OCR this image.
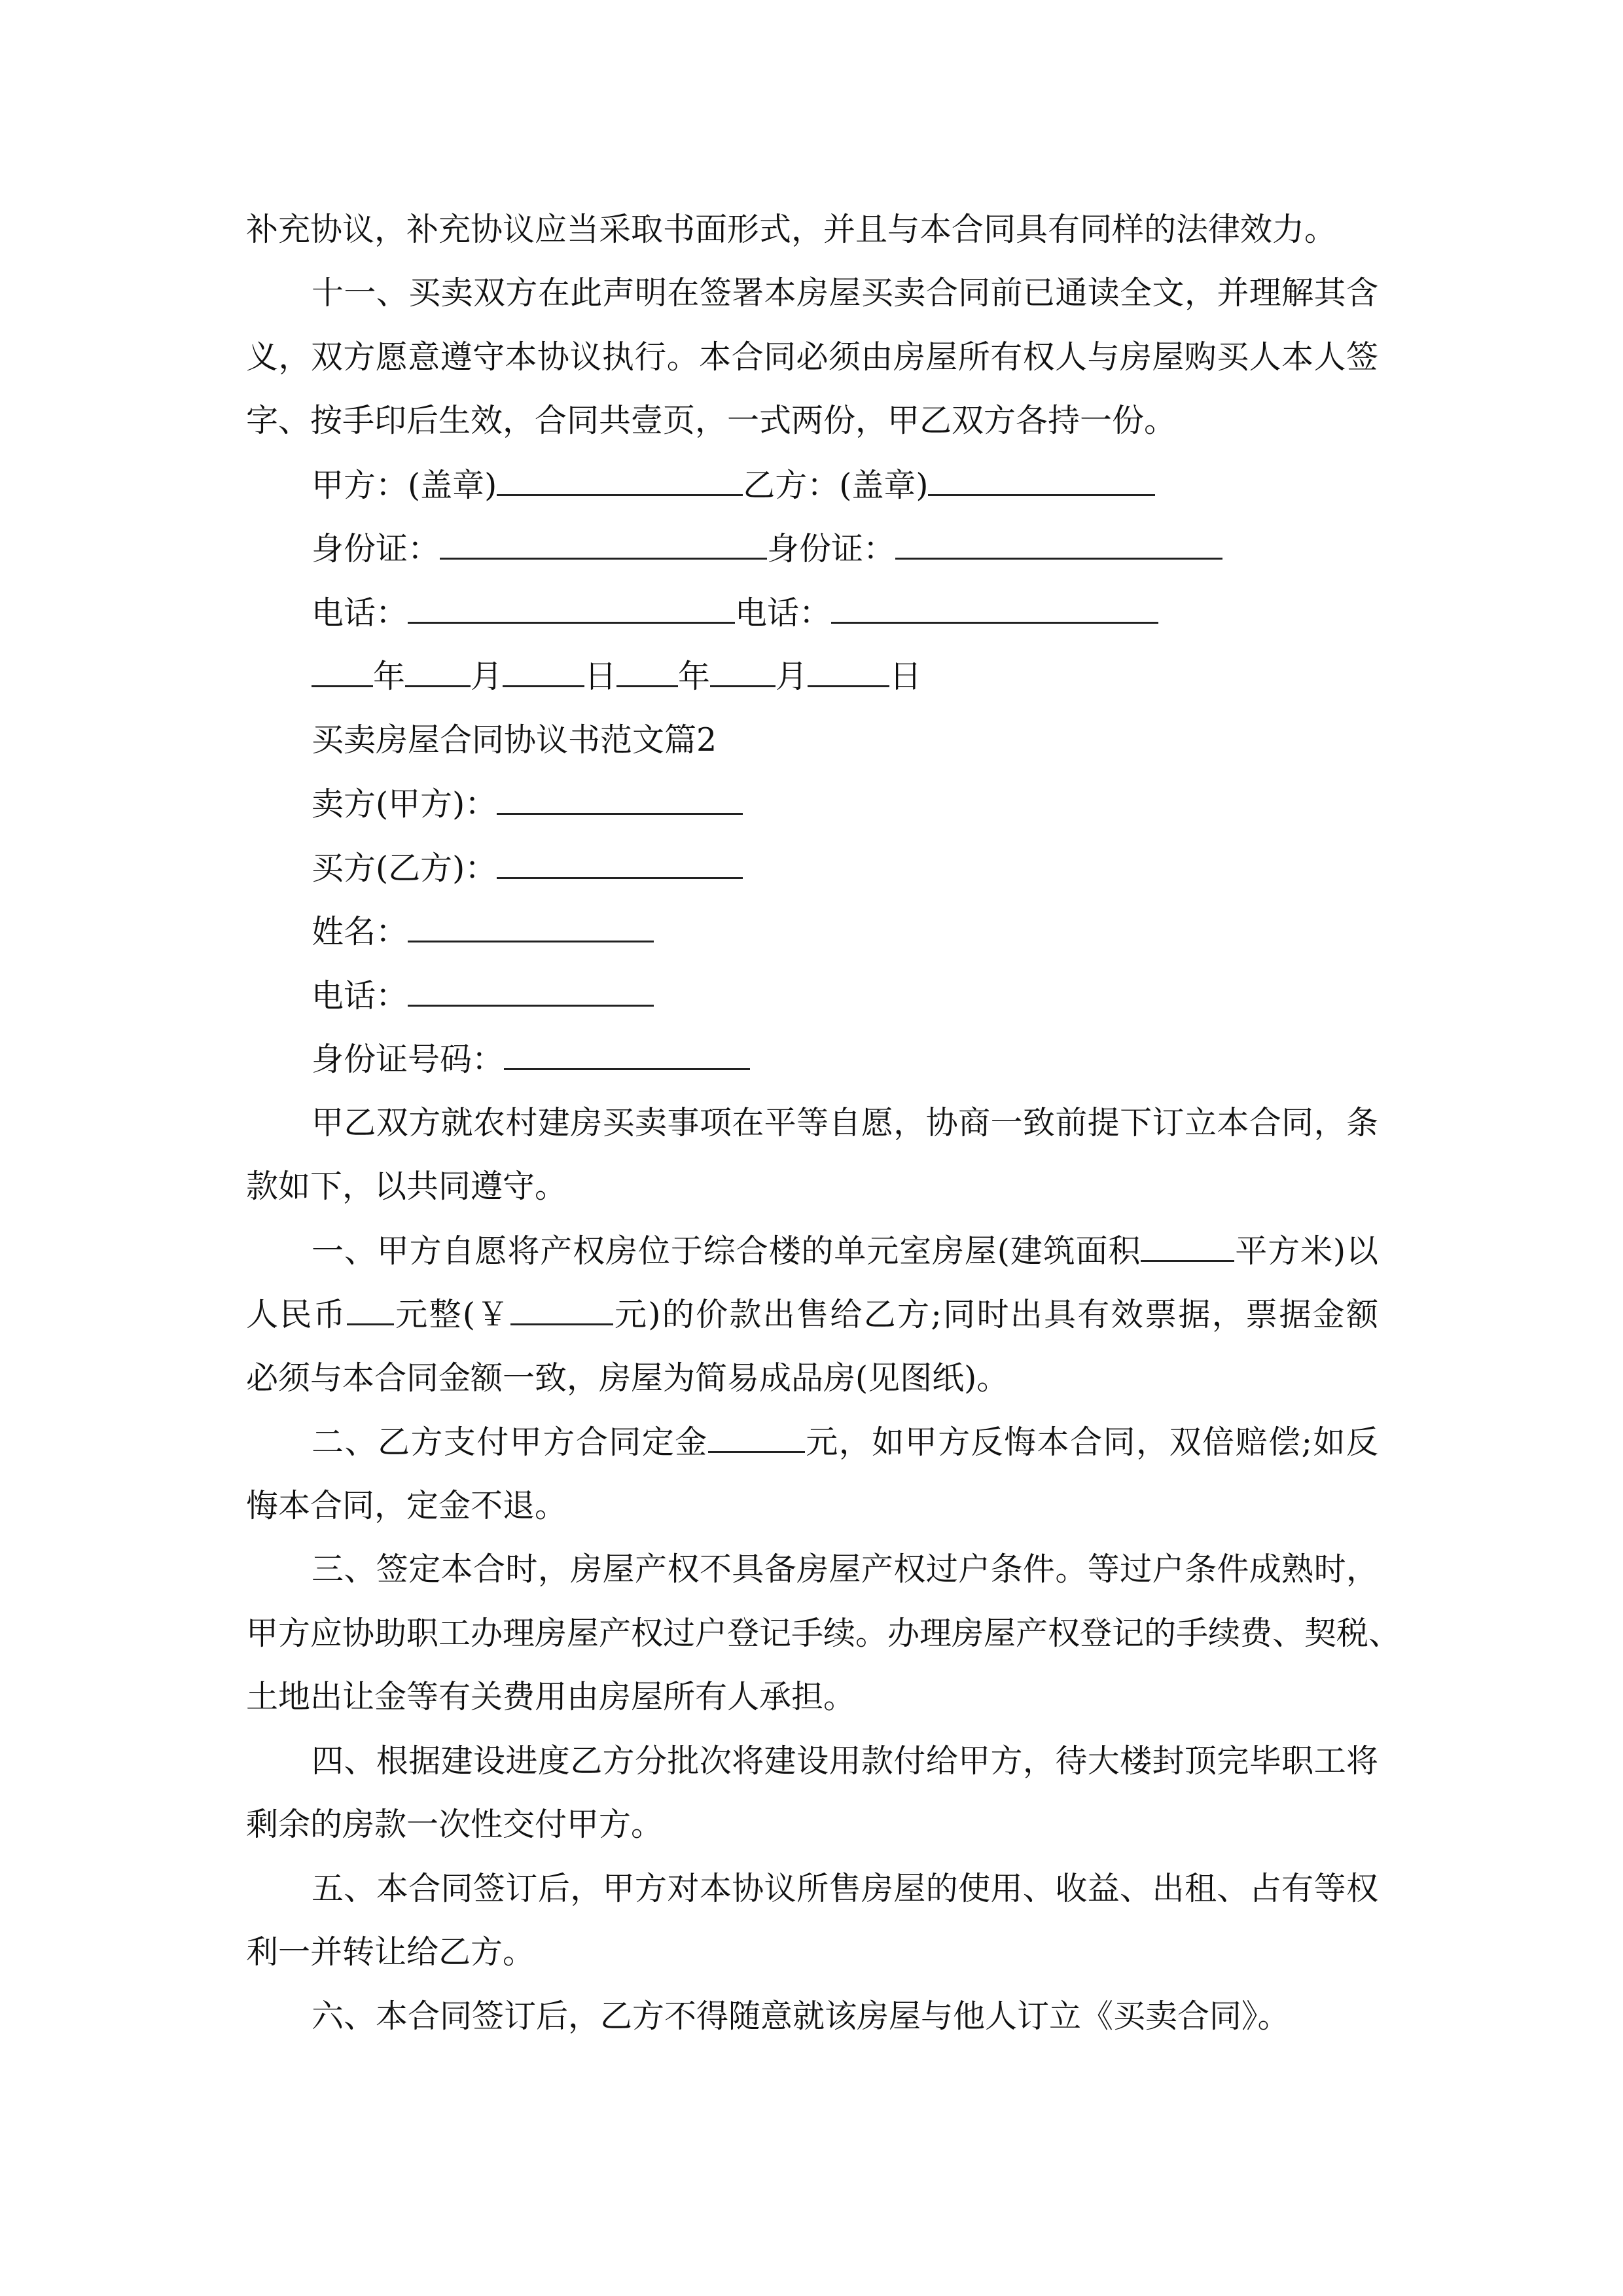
补充协议，补充协议应当采取书面形式，并且与本合同具有同样的法律效力。
十一、买卖双方在此声明在签署本房屋买卖合同前已通读全文，并理解其含
义，双方愿意遵守本协议执行。本合同必须由房屋所有权人与房屋购买人本人签
字、按手印后生效，合同共壹页，一式两份，甲乙双方各持一份。
甲方：(盖章)	乙方：(盖章)
身份证：	身份证：
电话：	电话：
年 月	日 年 月	日
买卖房屋合同协议书范文篇2
卖方(甲方)：
买方(乙方)：
姓名：
电话：
身份证号码：
甲乙双方就农村建房买卖事项在平等自愿，协商一致前提下订立本合同，条
款如下，以共同遵守。
一、甲方自愿将产权房位于综合楼的单元室房屋(建筑面积	平方米)以
人民币 元整(￥	元)的价款出售给乙方;同时出具有效票据，票据金额
必须与本合同金额一致，房屋为简易成品房(见图纸)。
二、乙方支付甲方合同定金	元，如甲方反悔本合同，双倍赔偿;如反
悔本合同，定金不退。
三、签定本合时，房屋产权不具备房屋产权过户条件。等过户条件成熟时，
甲方应协助职工办理房屋产权过户登记手续。办理房屋产权登记的手续费、契税、
土地出让金等有关费用由房屋所有人承担。
四、根据建设进度乙方分批次将建设用款付给甲方，待大楼封顶完毕职工将
剩余的房款一次性交付甲方。
五、本合同签订后，甲方对本协议所售房屋的使用、收益、出租、占有等权
利一并转让给乙方。
六、本合同签订后，乙方不得随意就该房屋与他人订立《买卖合同》。
